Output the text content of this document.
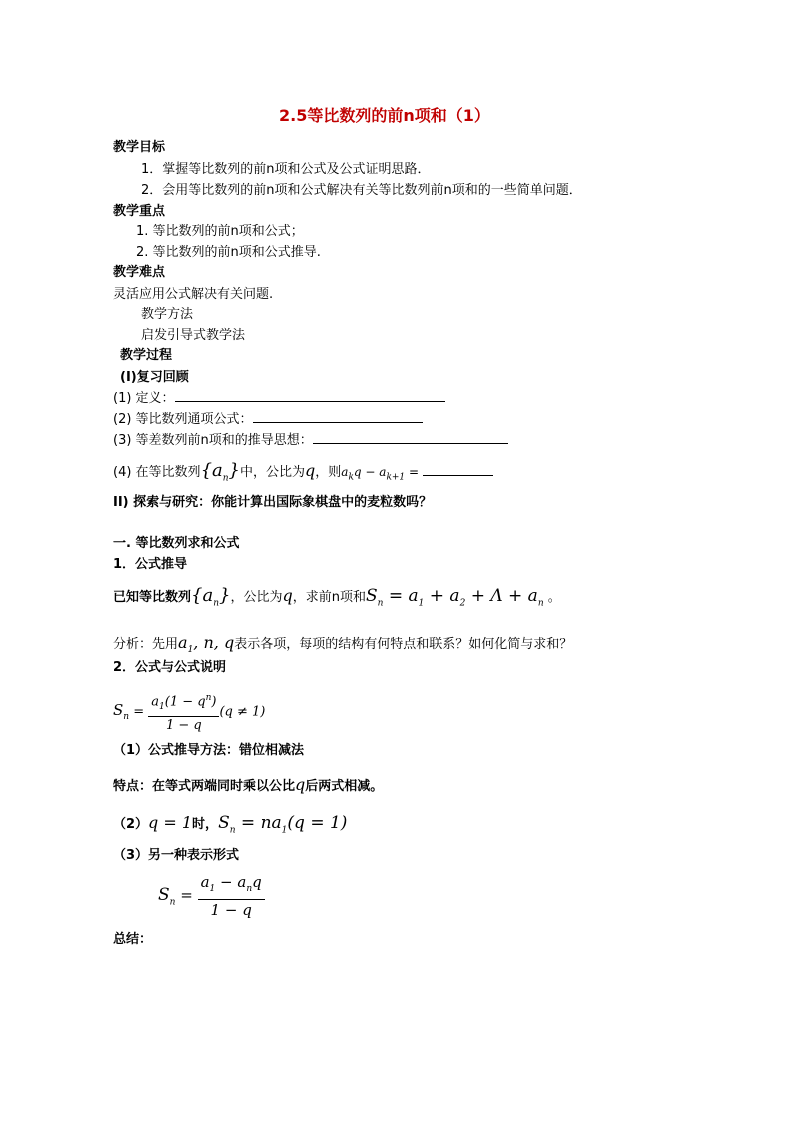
2.5等比数列的前n项和（1）
教学目标
1．掌握等比数列的前n项和公式及公式证明思路．
2．会用等比数列的前n项和公式解决有关等比数列前n项和的一些简单问题．
教学重点
1. 等比数列的前n项和公式；
2. 等比数列的前n项和公式推导.
教学难点
灵活应用公式解决有关问题.
教学方法
启发引导式教学法
教学过程
(I)复习回顾
(1) 定义：
(2) 等比数列通项公式：
(3) 等差数列前n项和的推导思想：
(4) 在等比数列$\{a_n\}$中，公比为q，则$a_kq - a_{k+1}$ =
II) 探索与研究：你能计算出国际象棋盘中的麦粒数吗？
一. 等比数列求和公式
1．公式推导
已知等比数列$\{a_n\}$，公比为q，求前n项和$S_n = a_1 + a_2 + \Lambda + a_n$ 。
分析：先用$a_1$, n, q表示各项，每项的结构有何特点和联系？如何化简与求和？
2．公式与公式说明
$S_n = \frac{a_1(1 - q^n)}{1 - q} (q \ne 1)$
（1）公式推导方法：错位相减法
特点：在等式两端同时乘以公比q后两式相减。
（2）q = 1时，$S_n = na_1(q = 1)$
（3）另一种表示形式
$S_n = \frac{a_1 - a_nq}{1 - q}$
总结：
